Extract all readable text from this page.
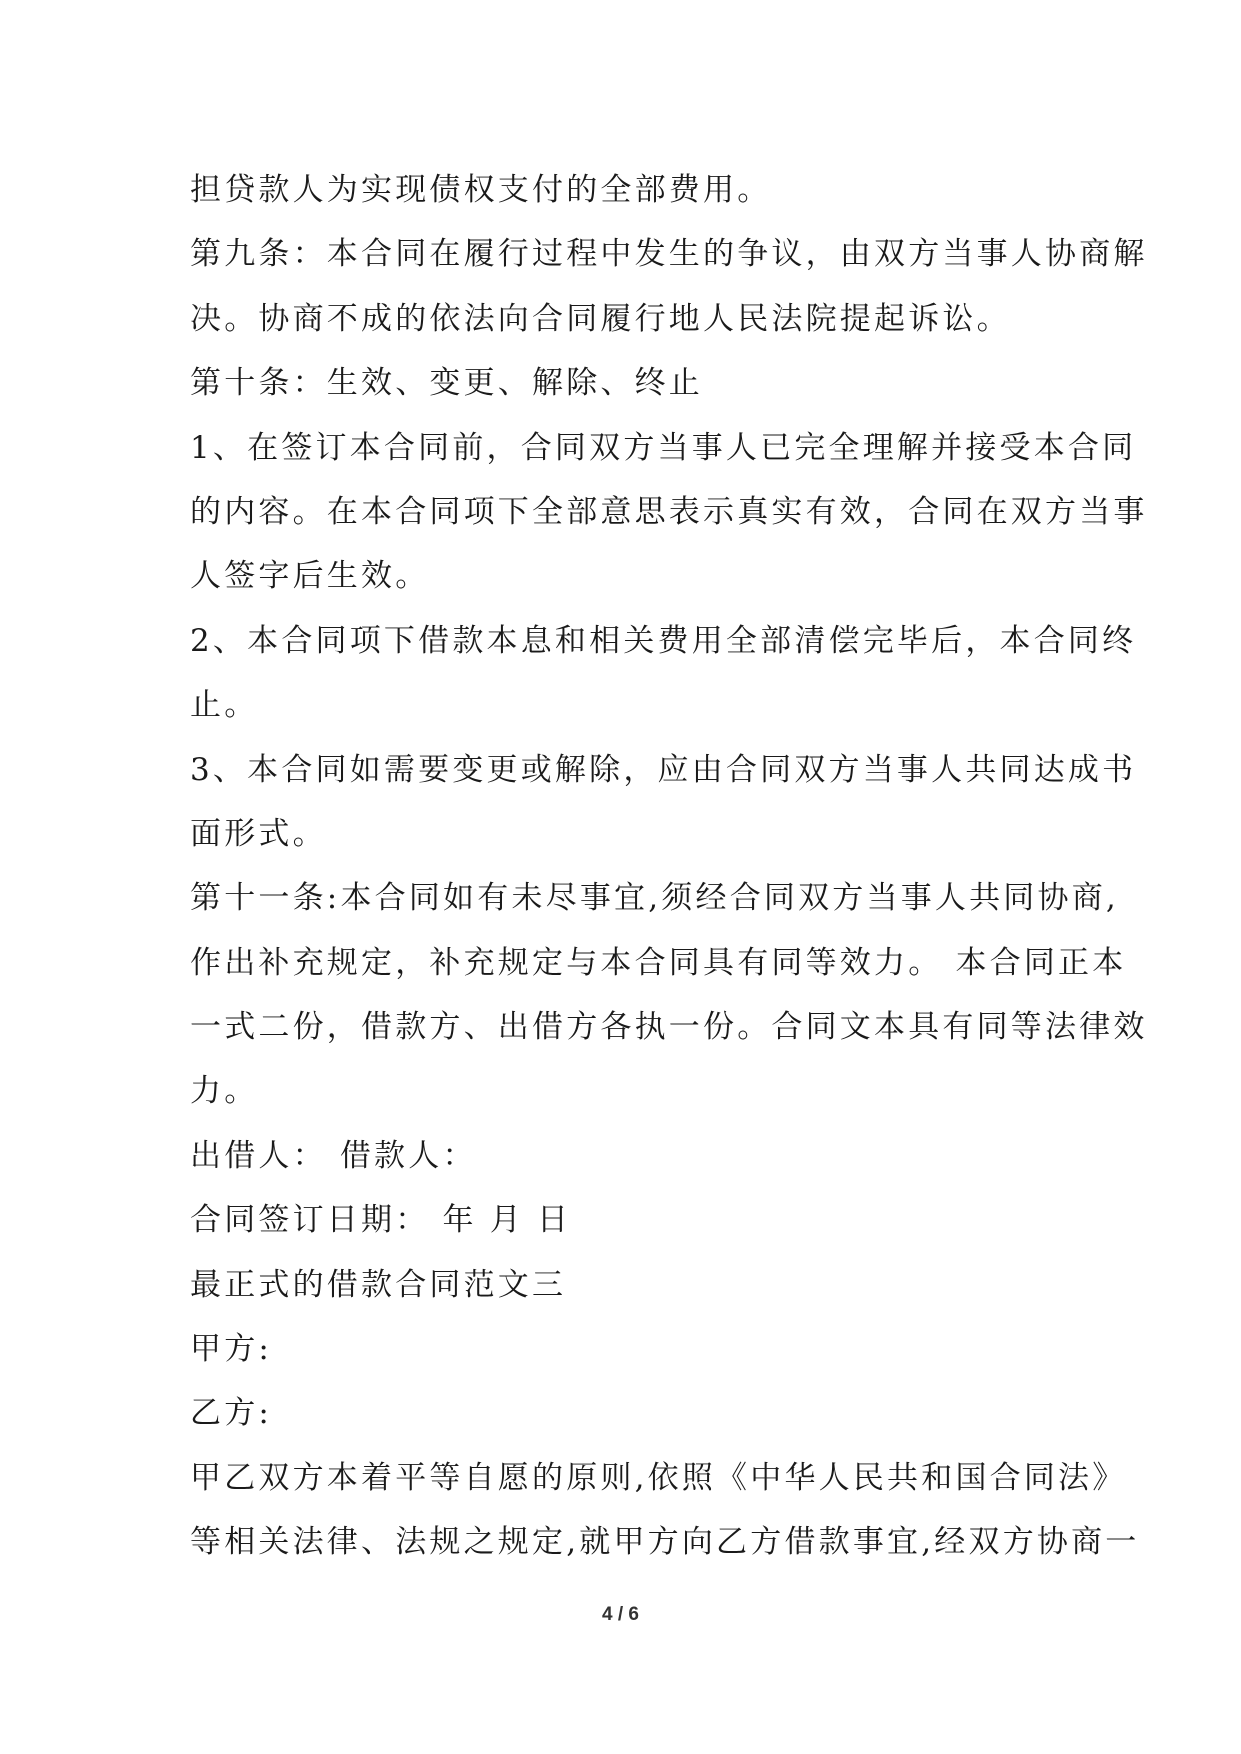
担贷款人为实现债权支付的全部费用。
第九条：本合同在履行过程中发生的争议，由双方当事人协商解
决。协商不成的依法向合同履行地人民法院提起诉讼。
第十条：生效、变更、解除、终止
1、在签订本合同前，合同双方当事人已完全理解并接受本合同
的内容。在本合同项下全部意思表示真实有效，合同在双方当事
人签字后生效。
2、本合同项下借款本息和相关费用全部清偿完毕后，本合同终
止。
3、本合同如需要变更或解除，应由合同双方当事人共同达成书
面形式。
第十一条:本合同如有未尽事宜,须经合同双方当事人共同协商,
作出补充规定，补充规定与本合同具有同等效力。 本合同正本
一式二份，借款方、出借方各执一份。合同文本具有同等法律效
力。
出借人： 借款人：
合同签订日期： 年 月 日
最正式的借款合同范文三
甲方:
乙方:
甲乙双方本着平等自愿的原则,依照《中华人民共和国合同法》
等相关法律、法规之规定,就甲方向乙方借款事宜,经双方协商一
4 / 6
